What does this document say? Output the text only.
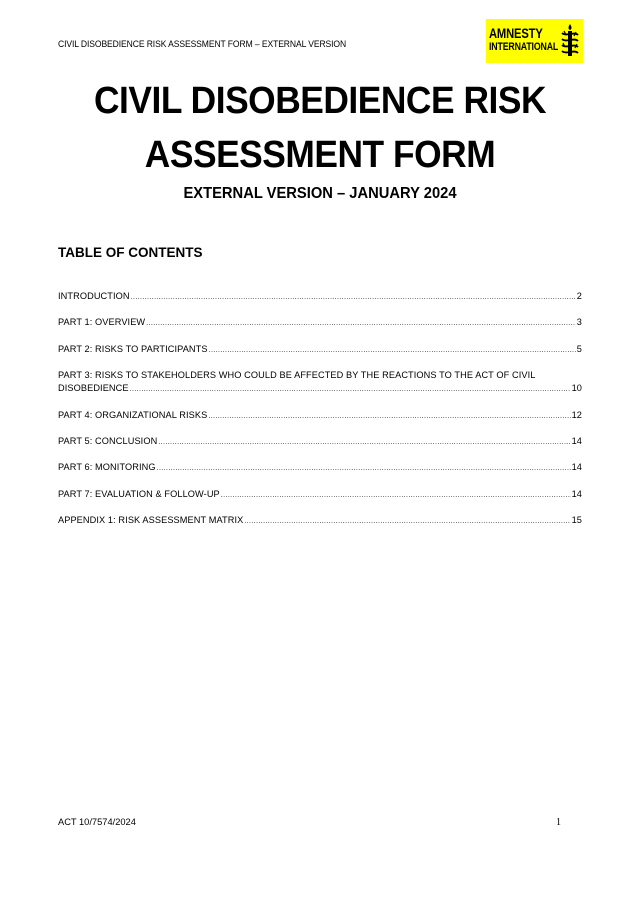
CIVIL DISOBEDIENCE RISK ASSESSMENT FORM – EXTERNAL VERSION
AMNESTY
INTERNATIONAL
CIVIL DISOBEDIENCE RISK
ASSESSMENT FORM
EXTERNAL VERSION – JANUARY 2024
TABLE OF CONTENTS
INTRODUCTION .....	2
PART 1: OVERVIEW .....	3
PART 2: RISKS TO PARTICIPANTS .....	5
PART 3: RISKS TO STAKEHOLDERS WHO COULD BE AFFECTED BY THE REACTIONS TO THE ACT OF CIVIL
DISOBEDIENCE .....	10
PART 4: ORGANIZATIONAL RISKS .....	12
PART 5: CONCLUSION .....	14
PART 6: MONITORING .....	14
PART 7: EVALUATION & FOLLOW-UP .....	14
APPENDIX 1: RISK ASSESSMENT MATRIX .....	15
ACT 10/7574/2024	1
